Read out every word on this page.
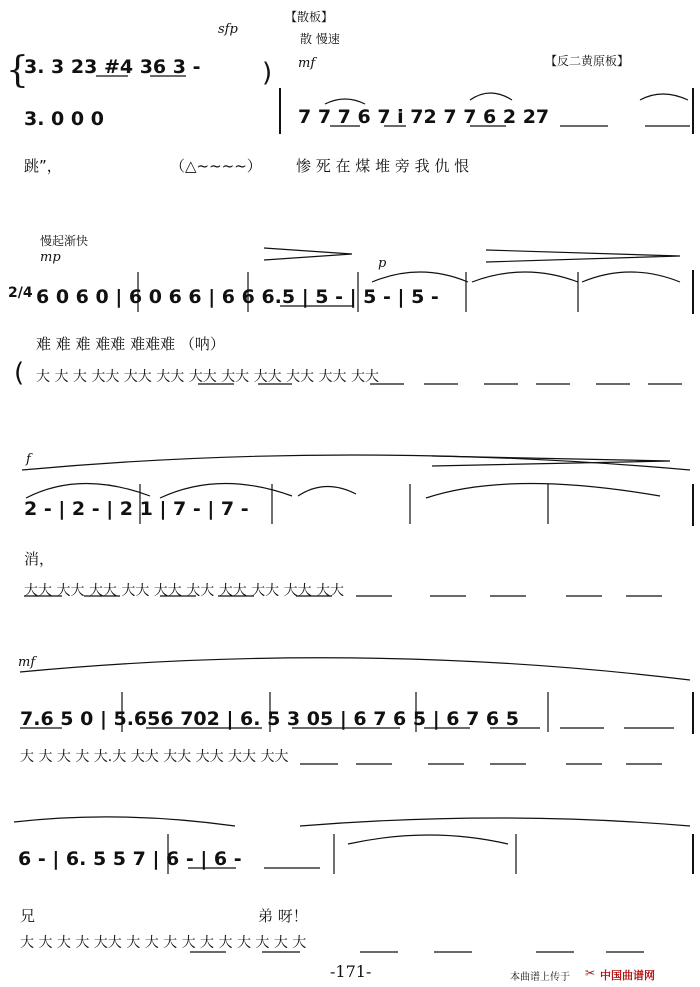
【散板】
散 慢速
【反二黄原板】
sfp
mf
{
3. 3 23 #4 36 3 -
3. 0 0 0
)
7 7 7 6 7 i 72 7 7 6 2 27
跳”，	（△~~~~） 惨 死 在 煤 堆 旁 我 仇 恨
慢起渐快
mp	p
2/4 6 0 6 0 | 6 0 6 6 | 6 6 6.5 | 5 - | 5 - | 5 -
难 难 难 难难 难难难 （呐）
( 大 大 大 大大 大大 大大 大大 大大 大大 大大 大大 大大
f
2 - | 2 - | 2 1 | 7 - | 7 -
消，
大大 大大 大大 大大 大大 大大 大大 大大 大大 大大
mf
7.6 5 0 | 5.656 702 | 6. 5 3 05 | 6 7 6 5 | 6 7 6 5
大 大 大 大 大.大 大大 大大 大大 大大 大大
6 - | 6. 5 5 7 | 6 - | 6 -
兄	弟 呀！
大 大 大 大 大大 大 大 大 大 大 大 大 大 大 大
-171-	本曲谱上传于 ✂ 中国曲谱网
